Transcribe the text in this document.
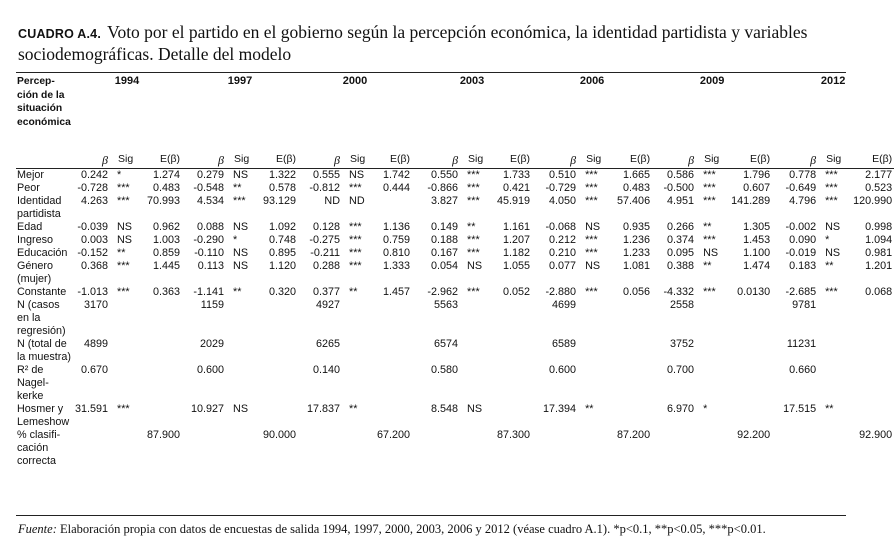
CUADRO A.4. Voto por el partido en el gobierno según la percepción económica, la identidad partidista y variables sociodemográficas. Detalle del modelo
Percep-ción de la situación económica	1994			1997			2000			2003			2006			2009			2012		
	β	Sig	E(β)	β	Sig	E(β)	β	Sig	E(β)	β	Sig	E(β)	β	Sig	E(β)	β	Sig	E(β)	β	Sig	E(β)
Mejor	0.242	*	1.274	0.279	NS	1.322	0.555	NS	1.742	0.550	***	1.733	0.510	***	1.665	0.586	***	1.796	0.778	***	2.177
Peor	-0.728	***	0.483	-0.548	**	0.578	-0.812	***	0.444	-0.866	***	0.421	-0.729	***	0.483	-0.500	***	0.607	-0.649	***	0.523
Identidad partidista	4.263	***	70.993	4.534	***	93.129	ND	ND		3.827	***	45.919	4.050	***	57.406	4.951	***	141.289	4.796	***	120.990
Edad	-0.039	NS	0.962	0.088	NS	1.092	0.128	***	1.136	0.149	**	1.161	-0.068	NS	0.935	0.266	**	1.305	-0.002	NS	0.998
Ingreso	0.003	NS	1.003	-0.290	*	0.748	-0.275	***	0.759	0.188	***	1.207	0.212	***	1.236	0.374	***	1.453	0.090	*	1.094
Educación	-0.152	**	0.859	-0.110	NS	0.895	-0.211	***	0.810	0.167	***	1.182	0.210	***	1.233	0.095	NS	1.100	-0.019	NS	0.981
Género (mujer)	0.368	***	1.445	0.113	NS	1.120	0.288	***	1.333	0.054	NS	1.055	0.077	NS	1.081	0.388	**	1.474	0.183	**	1.201
Constante	-1.013	***	0.363	-1.141	**	0.320	0.377	**	1.457	-2.962	***	0.052	-2.880	***	0.056	-4.332	***	0.0130	-2.685	***	0.068
N (casos en la regresión)	3170			1159			4927			5563			4699			2558			9781		
N (total de la muestra)	4899			2029			6265			6574			6589			3752			11231		
R² de Nagel-kerke	0.670			0.600			0.140			0.580			0.600			0.700			0.660		
Hosmer y Lemeshow	31.591	***		10.927	NS		17.837	**		8.548	NS		17.394	**		6.970	*		17.515	**	
% clasifi-cación correcta			87.900			90.000			67.200			87.300			87.200			92.200			92.900
Fuente: Elaboración propia con datos de encuestas de salida 1994, 1997, 2000, 2003, 2006 y 2012 (véase cuadro A.1). *p<0.1, **p<0.05, ***p<0.01.
